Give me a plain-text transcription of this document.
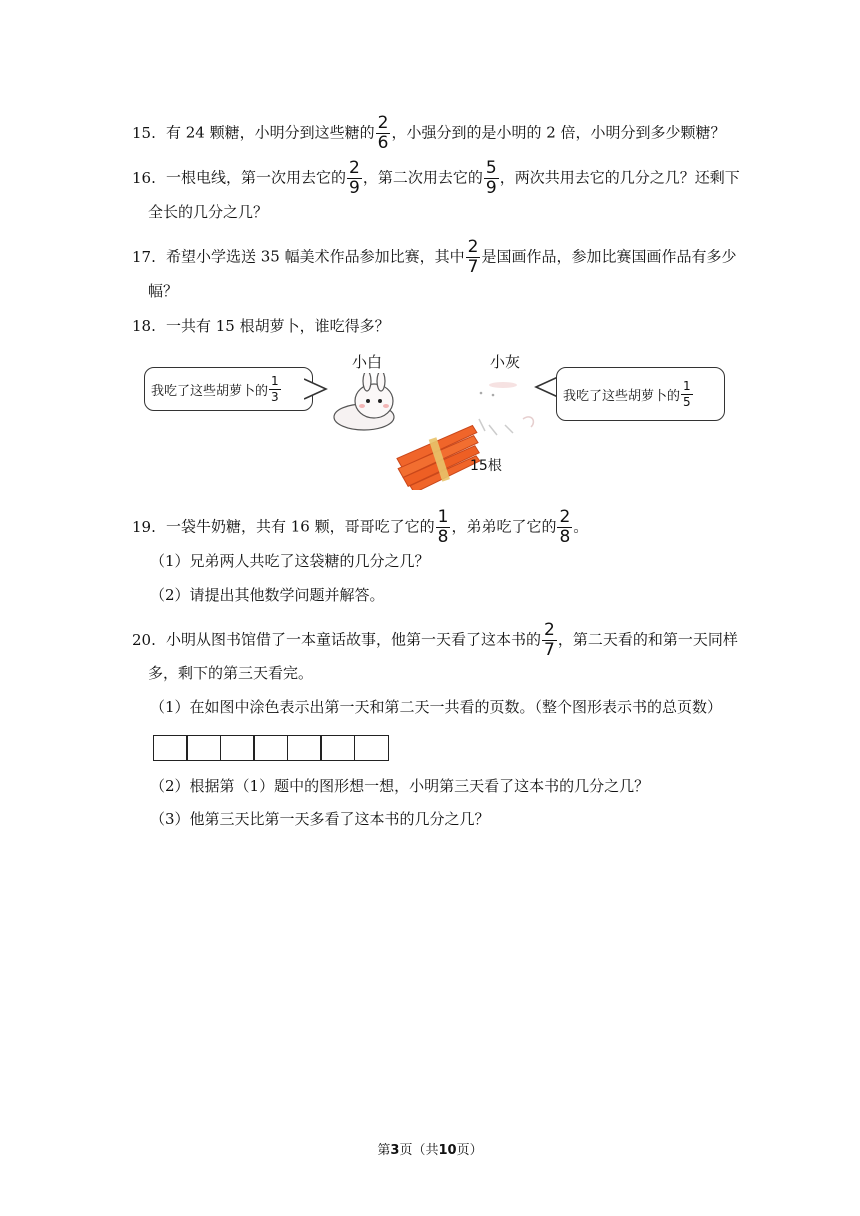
15. 有 24 颗糖，小明分到这些糖的 $\frac{2}{6}$ ，小强分到的是小明的 2 倍，小明分到多少颗糖？
16. 一根电线，第一次用去它的 $\frac{2}{9}$ ，第二次用去它的 $\frac{5}{9}$ ，两次共用去它的几分之几？还剩下
全长的几分之几？
17. 希望小学选送 35 幅美术作品参加比赛，其中 $\frac{2}{7}$ 是国画作品，参加比赛国画作品有多少
幅？
18. 一共有 15 根胡萝卜，谁吃得多？
我吃了这些胡萝卜的 $\frac{1}{3}$
小白
15根
小灰
我吃了这些胡萝卜的 $\frac{1}{5}$
19. 一袋牛奶糖，共有 16 颗，哥哥吃了它的 $\frac{1}{8}$ ，弟弟吃了它的 $\frac{2}{8}$ 。
（1）兄弟两人共吃了这袋糖的几分之几？
（2）请提出其他数学问题并解答。
20. 小明从图书馆借了一本童话故事，他第一天看了这本书的 $\frac{2}{7}$ ，第二天看的和第一天同样
多，剩下的第三天看完。
（1）在如图中涂色表示出第一天和第二天一共看的页数。（整个图形表示书的总页数）
（2）根据第（1）题中的图形想一想，小明第三天看了这本书的几分之几？
（3）他第三天比第一天多看了这本书的几分之几？
第3页（共10页）
